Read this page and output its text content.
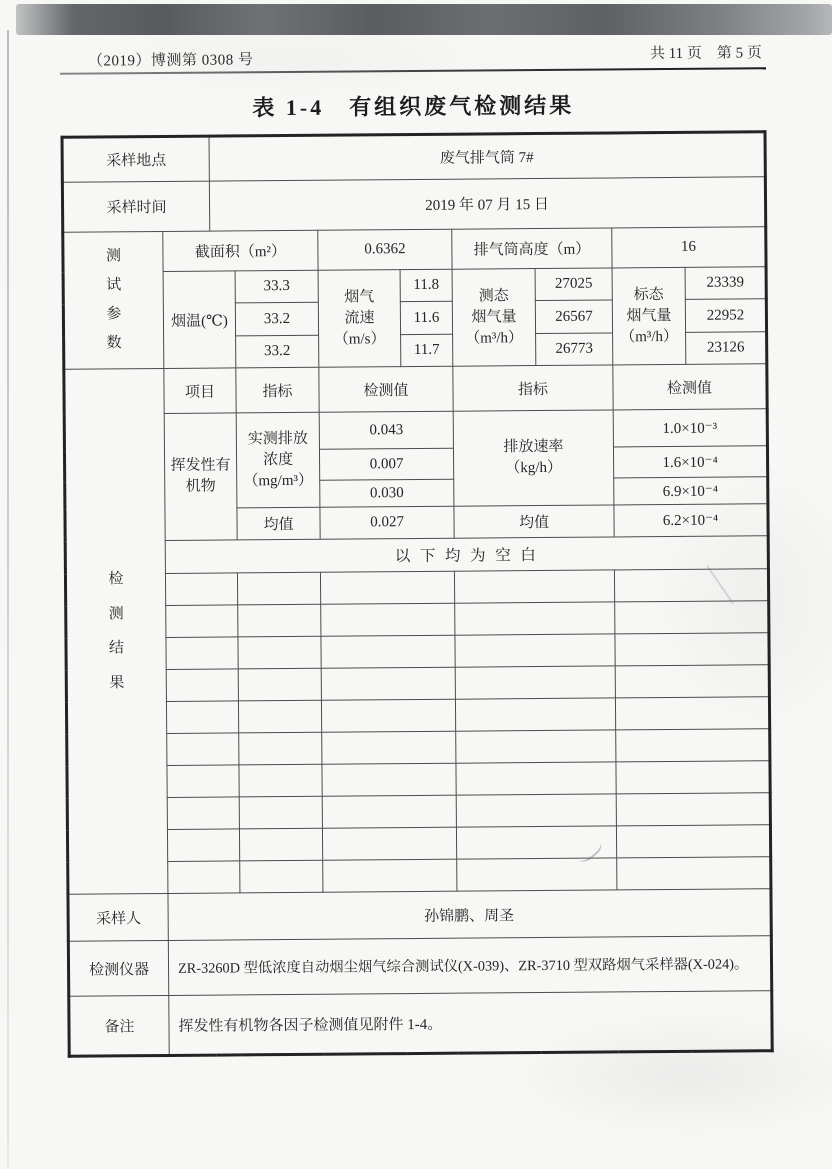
（2019）博测第 0308 号	共 11 页　第 5 页
表 1-4　有组织废气检测结果
采样地点		废气排气筒 7#							
采样时间		2019 年 07 月 15 日							
测
试
参
数	截面积（m²）			0.6362		排气筒高度（m）		16	
	烟温(℃)		33.3	烟气
流速
（m/s）	11.8	测态
烟气量
（m³/h）	27025	标态
烟气量
（m³/h）	23339
			33.2		11.6		26567		22952
			33.2		11.7		26773		23126
检
测
结
果	项目		指标	检测值		指标		检测值	
	挥发性有
机物		实测排放
浓度
（mg/m³）	0.043		排放速率
（kg/h）		1.0×10⁻³	
				0.007				1.6×10⁻⁴	
				0.030				6.9×10⁻⁴	
			均值	0.027		均值		6.2×10⁻⁴	
	以下均为空白								

采样人	孙锦鹏、周圣								
检测仪器	ZR-3260D 型低浓度自动烟尘烟气综合测试仪(X-039)、ZR-3710 型双路烟气采样器(X-024)。								
备注	挥发性有机物各因子检测值见附件 1-4。								
